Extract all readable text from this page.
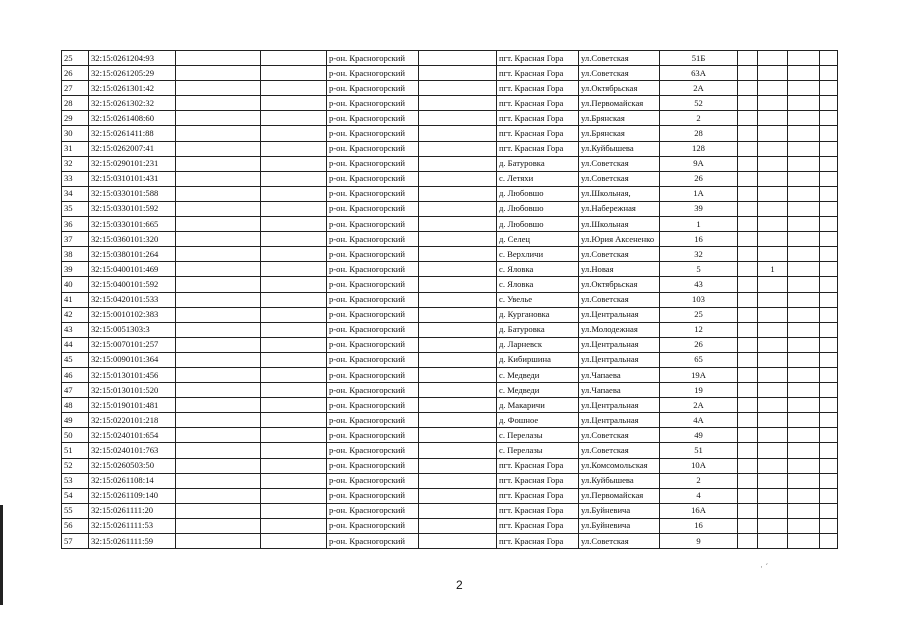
25	32:15:0261204:93			р-он. Красногорский		пгт. Красная Гора	ул.Советская	51Б				
26	32:15:0261205:29			р-он. Красногорский		пгт. Красная Гора	ул.Советская	63А				
27	32:15:0261301:42			р-он. Красногорский		пгт. Красная Гора	ул.Октябрьская	2А				
28	32:15:0261302:32			р-он. Красногорский		пгт. Красная Гора	ул.Первомайская	52				
29	32:15:0261408:60			р-он. Красногорский		пгт. Красная Гора	ул.Брянская	2				
30	32:15:0261411:88			р-он. Красногорский		пгт. Красная Гора	ул.Брянская	28				
31	32:15:0262007:41			р-он. Красногорский		пгт. Красная Гора	ул.Куйбышева	128				
32	32:15:0290101:231			р-он. Красногорский		д. Батуровка	ул.Советская	9А				
33	32:15:0310101:431			р-он. Красногорский		с. Летяхи	ул.Советская	26				
34	32:15:0330101:588			р-он. Красногорский		д. Любовшо	ул.Школьная,	1А				
35	32:15:0330101:592			р-он. Красногорский		д. Любовшо	ул.Набережная	39				
36	32:15:0330101:665			р-он. Красногорский		д. Любовшо	ул.Школьная	1				
37	32:15:0360101:320			р-он. Красногорский		д. Селец	ул.Юрия Аксененко	16				
38	32:15:0380101:264			р-он. Красногорский		с. Верхличи	ул.Советская	32				
39	32:15:0400101:469			р-он. Красногорский		с. Яловка	ул.Новая	5		1		
40	32:15:0400101:592			р-он. Красногорский		с. Яловка	ул.Октябрьская	43				
41	32:15:0420101:533			р-он. Красногорский		с. Увелье	ул.Советская	103				
42	32:15:0010102:383			р-он. Красногорский		д. Кургановка	ул.Центральная	25				
43	32:15:0051303:3			р-он. Красногорский		д. Батуровка	ул.Молодежная	12				
44	32:15:0070101:257			р-он. Красногорский		д. Ларневск	ул.Центральная	26				
45	32:15:0090101:364			р-он. Красногорский		д. Кибиршина	ул.Центральная	65				
46	32:15:0130101:456			р-он. Красногорский		с. Медведи	ул.Чапаева	19А				
47	32:15:0130101:520			р-он. Красногорский		с. Медведи	ул.Чапаева	19				
48	32:15:0190101:481			р-он. Красногорский		д. Макаричи	ул.Центральная	2А				
49	32:15:0220101:218			р-он. Красногорский		д. Фошное	ул.Центральная	4А				
50	32:15:0240101:654			р-он. Красногорский		с. Перелазы	ул.Советская	49				
51	32:15:0240101:763			р-он. Красногорский		с. Перелазы	ул.Советская	51				
52	32:15:0260503:50			р-он. Красногорский		пгт. Красная Гора	ул.Комсомольская	10А				
53	32:15:0261108:14			р-он. Красногорский		пгт. Красная Гора	ул.Куйбышева	2				
54	32:15:0261109:140			р-он. Красногорский		пгт. Красная Гора	ул.Первомайская	4				
55	32:15:0261111:20			р-он. Красногорский		пгт. Красная Гора	ул.Буйневича	16А				
56	32:15:0261111:53			р-он. Красногорский		пгт. Красная Гора	ул.Буйневича	16				
57	32:15:0261111:59			р-он. Красногорский		пгт. Красная Гора	ул.Советская	9				
2
· ´
